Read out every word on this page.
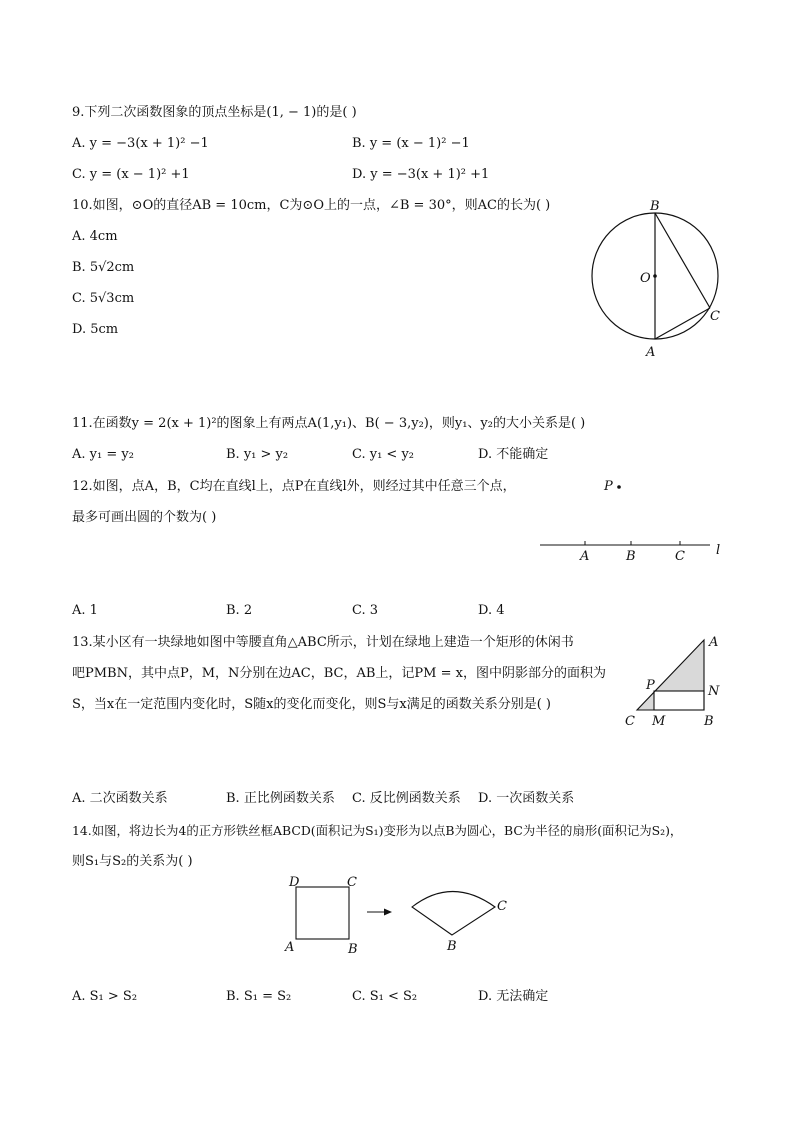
9.下列二次函数图象的顶点坐标是(1, − 1)的是( )
A. y = −3(x + 1)² −1	B. y = (x − 1)² −1
C. y = (x − 1)² +1	D. y = −3(x + 1)² +1
10.如图，⊙O的直径AB = 10cm，C为⊙O上的一点，∠B = 30°，则AC的长为( )
A. 4cm
B. 5√2cm
C. 5√3cm
D. 5cm
B
O
C
A
11.在函数y = 2(x + 1)²的图象上有两点A(1,y₁)、B( − 3,y₂)，则y₁、y₂的大小关系是( )
A. y₁ = y₂	B. y₁ > y₂	C. y₁ < y₂	D. 不能确定
12.如图，点A，B，C均在直线l上，点P在直线l外，则经过其中任意三个点，
最多可画出圆的个数为( )
P
A	B	C l
A. 1	B. 2	C. 3	D. 4
13.某小区有一块绿地如图中等腰直角△ABC所示，计划在绿地上建造一个矩形的休闲书
吧PMBN，其中点P，M，N分别在边AC，BC，AB上，记PM = x，图中阴影部分的面积为
S，当x在一定范围内变化时，S随x的变化而变化，则S与x满足的函数关系分别是( )
A
P	N
C M	B
A. 二次函数关系	B. 正比例函数关系 C. 反比例函数关系 D. 一次函数关系
14.如图，将边长为4的正方形铁丝框ABCD(面积记为S₁)变形为以点B为圆心，BC为半径的扇形(面积记为S₂)，
则S₁与S₂的关系为( )
D	C
A	B
C
B
A. S₁ > S₂	B. S₁ = S₂	C. S₁ < S₂	D. 无法确定
